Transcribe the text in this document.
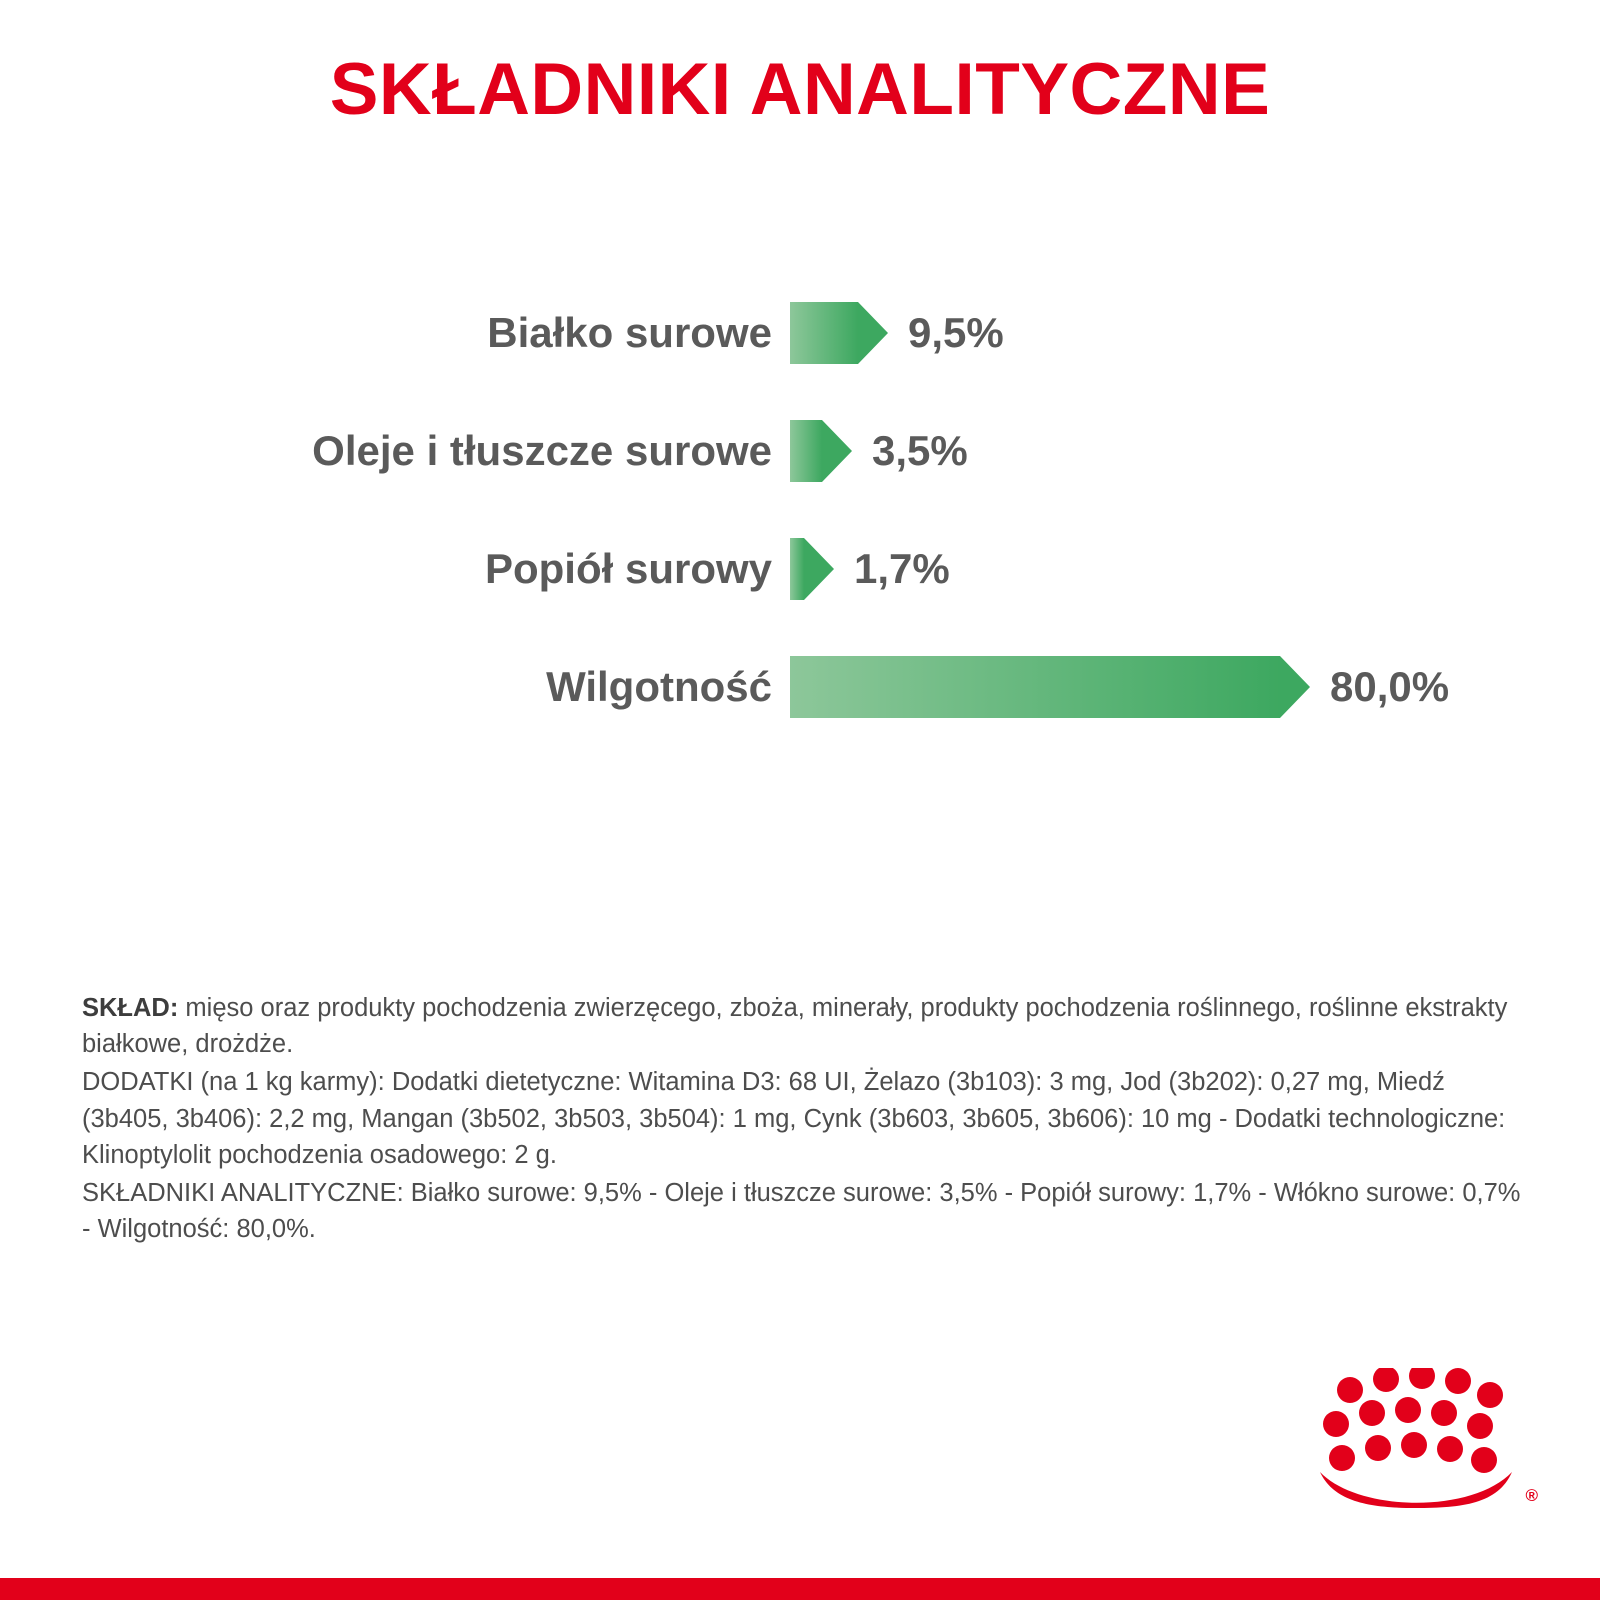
SKŁADNIKI ANALITYCZNE
Białko surowe	9,5%
Oleje i tłuszcze surowe	3,5%
Popiół surowy	1,7%
Wilgotność	80,0%

SKŁAD: mięso oraz produkty pochodzenia zwierzęcego, zboża, minerały, produkty pochodzenia roślinnego, roślinne ekstrakty białkowe, drożdże.

DODATKI (na 1 kg karmy): Dodatki dietetyczne: Witamina D3: 68 UI, Żelazo (3b103): 3 mg, Jod (3b202): 0,27 mg, Miedź (3b405, 3b406): 2,2 mg, Mangan (3b502, 3b503, 3b504): 1 mg, Cynk (3b603, 3b605, 3b606): 10 mg - Dodatki technologiczne: Klinoptylolit pochodzenia osadowego: 2 g.

SKŁADNIKI ANALITYCZNE: Białko surowe: 9,5% - Oleje i tłuszcze surowe: 3,5% - Popiół surowy: 1,7% - Włókno surowe: 0,7% - Wilgotność: 80,0%.

®
